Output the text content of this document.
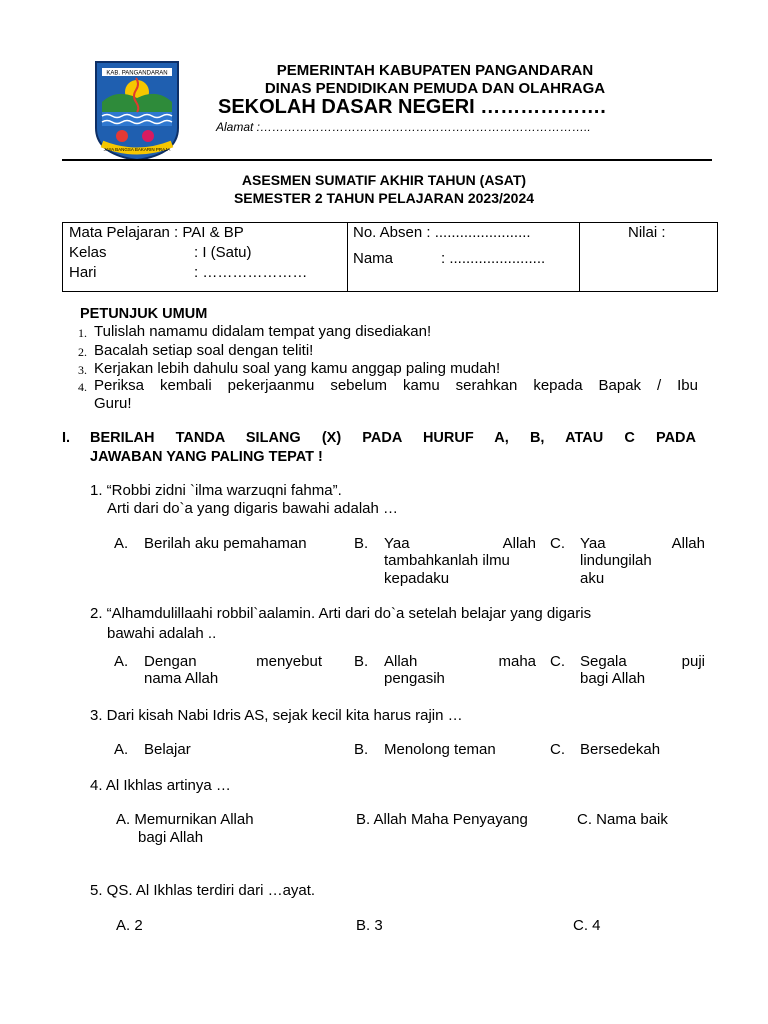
KAB. PANGANDARAN
JAYA BANGSA BAKARIN PRAJA
PEMERINTAH KABUPATEN PANGANDARAN
DINAS PENDIDIKAN PEMUDA DAN OLAHRAGA
SEKOLAH DASAR NEGERI ……………….
Alamat :………………………………………………………………………..
ASESMEN SUMATIF AKHIR TAHUN (ASAT)
SEMESTER 2 TAHUN PELAJARAN 2023/2024
Mata Pelajaran : PAI & BP
Kelas	: I (Satu)
Hari	: …………………
No. Absen : .......................
Nama	: .......................
Nilai :
PETUNJUK UMUM
1. Tulislah namamu didalam tempat yang disediakan!
2. Bacalah setiap soal dengan teliti!
3. Kerjakan lebih dahulu soal yang kamu anggap paling mudah!
4. Periksa kembali pekerjaanmu sebelum kamu serahkan kepada Bapak / Ibu
Guru!
I. BERILAH TANDA SILANG (X) PADA HURUF A, B, ATAU C PADA
JAWABAN YANG PALING TEPAT !
1. “Robbi zidni `ilma warzuqni fahma”.
Arti dari do`a yang digaris bawahi adalah …
A. Berilah aku pemahaman	B. Yaa Allah
tambahkanlah ilmu
kepadaku
C. Yaa Allah
lindungilah
aku
2. “Alhamdulillaahi robbil`aalamin. Arti dari do`a setelah belajar yang digaris
bawahi adalah ..
A. Dengan menyebut
nama Allah
B. Allah maha
pengasih
C. Segala puji
bagi Allah
3. Dari kisah Nabi Idris AS, sejak kecil kita harus rajin …
A. Belajar	B. Menolong teman	C. Bersedekah
4. Al Ikhlas artinya …
A. Memurnikan Allah
bagi Allah
B. Allah Maha Penyayang	C. Nama baik
5. QS. Al Ikhlas terdiri dari …ayat.
A. 2	B. 3	C. 4
